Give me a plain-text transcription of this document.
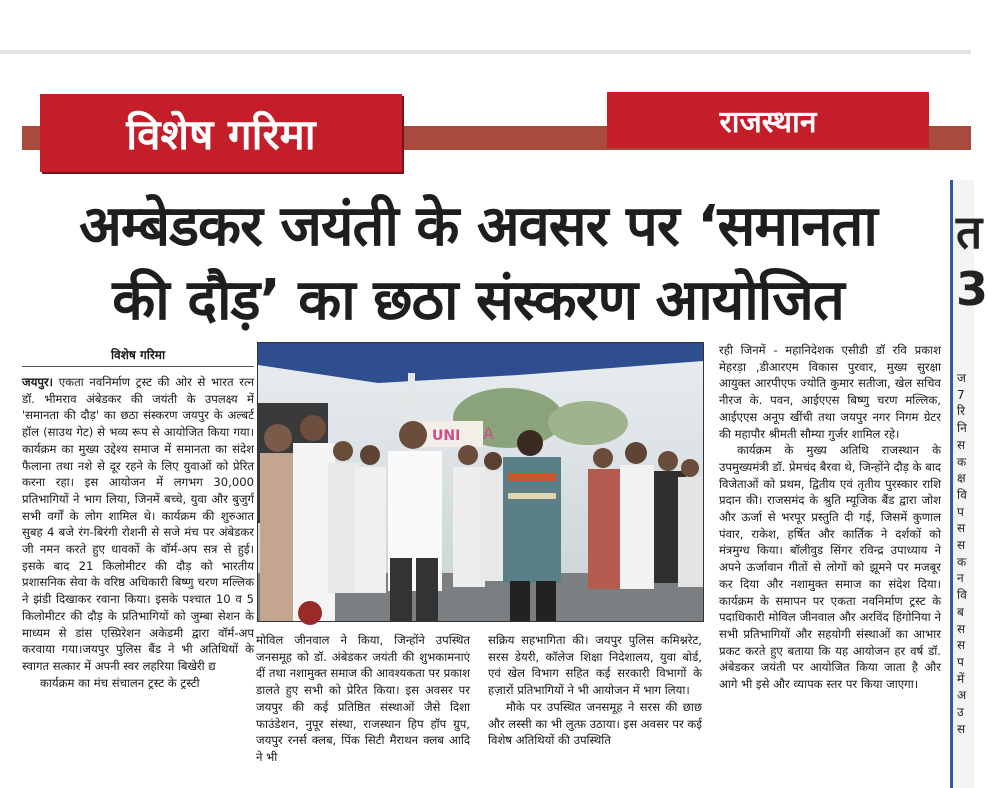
विशेष गरिमा	राजस्थान
अम्बेडकर जयंती के अवसर पर ‘समानता
की दौड़’ का छठा संस्करण आयोजित
विशेष गरिमा

जयपुर। एकता नवनिर्माण ट्रस्ट की ओर से भारत रत्न डॉ. भीमराव अंबेडकर की जयंती के उपलक्ष्य में 'समानता की दौड़' का छठा संस्करण जयपुर के अल्बर्ट हॉल (साउथ गेट) से भव्य रूप से आयोजित किया गया। कार्यक्रम का मुख्य उद्देश्य समाज में समानता का संदेश फैलाना तथा नशे से दूर रहने के लिए युवाओं को प्रेरित करना रहा। इस आयोजन में लगभग 30,000 प्रतिभागियों ने भाग लिया, जिनमें बच्चे, युवा और बुजुर्ग सभी वर्गों के लोग शामिल थे। कार्यक्रम की शुरुआत सुबह 4 बजे रंग-बिरंगी रोशनी से सजे मंच पर अंबेडकर जी नमन करते हुए धावकों के वॉर्म-अप सत्र से हुई। इसके बाद 21 किलोमीटर की दौड़ को भारतीय प्रशासनिक सेवा के वरिष्ठ अधिकारी बिष्णु चरण मल्लिक ने झंडी दिखाकर रवाना किया। इसके पश्चात 10 व 5 किलोमीटर की दौड़ के प्रतिभागियों को जुम्बा सेशन के माध्यम से डांस एस्प्रिरेशन अकेडमी द्वारा वॉर्म-अप करवाया गया।जयपुर पुलिस बैंड ने भी अतिथियों के स्वागत सत्कार में अपनी स्वर लहरिया बिखेरी द्य

कार्यक्रम का मंच संचालन ट्रस्ट के ट्रस्टी

UNI A

मोविल जीनवाल ने किया, जिन्होंने उपस्थित जनसमूह को डॉ. अंबेडकर जयंती की शुभकामनाएं दीं तथा नशामुक्त समाज की आवश्यकता पर प्रकाश डालते हुए सभी को प्रेरित किया। इस अवसर पर जयपुर की कई प्रतिष्ठित संस्थाओं जैसे दिशा फाउंडेशन, नुपूर संस्था, राजस्थान हिप हॉप ग्रुप, जयपुर रनर्स क्लब, पिंक सिटी मैराथन क्लब आदि ने भी

सक्रिय सहभागिता की। जयपुर पुलिस कमिश्नरेट, सरस डेयरी, कॉलेज शिक्षा निदेशालय, युवा बोर्ड, एवं खेल विभाग सहित कई सरकारी विभागों के हज़ारों प्रतिभागियों ने भी आयोजन में भाग लिया।

मौके पर उपस्थित जनसमूह ने सरस की छाछ और लस्सी का भी लुत्फ़ उठाया। इस अवसर पर कई विशेष अतिथियों की उपस्थिति

रही जिनमें - महानिदेशक एसीडी डॉ रवि प्रकाश मेहरड़ा ,डीआरएम विकास पुरवार, मुख्य सुरक्षा आयुक्त आरपीएफ ज्योति कुमार सतीजा, खेल सचिव नीरज के. पवन, आईएएस बिष्णु चरण मल्लिक, आईएएस अनूप खींची तथा जयपुर नगर निगम ग्रेटर की महापौर श्रीमती सौम्या गुर्जर शामिल रहे।

कार्यक्रम के मुख्य अतिथि राजस्थान के उपमुख्यमंत्री डॉ. प्रेमचंद बैरवा थे, जिन्होंने दौड़ के बाद विजेताओं को प्रथम, द्वितीय एवं तृतीय पुरस्कार राशि प्रदान की। राजसमंद के श्रुति म्यूजिक बैंड द्वारा जोश और ऊर्जा से भरपूर प्रस्तुति दी गई, जिसमें कुणाल पंवार, राकेश, हर्षित और कार्तिक ने दर्शकों को मंत्रमुग्ध किया। बॉलीवुड सिंगर रविन्द्र उपाध्याय ने अपने ऊर्जावान गीतों से लोगों को झूमने पर मजबूर कर दिया और नशामुक्त समाज का संदेश दिया। कार्यक्रम के समापन पर एकता नवनिर्माण ट्रस्ट के पदाधिकारी मोविल जीनवाल और अरविंद हिंगोनिया ने सभी प्रतिभागियों और सहयोगी संस्थाओं का आभार प्रकट करते हुए बताया कि यह आयोजन हर वर्ष डॉ. अंबेडकर जयंती पर आयोजित किया जाता है और आगे भी इसे और व्यापक स्तर पर किया जाएगा।

त
3
ज
7
रि
नि
स
क
क्ष
वि
प
स
स
क
न
वि
ब
स
स
प
में
अ
उ
स
